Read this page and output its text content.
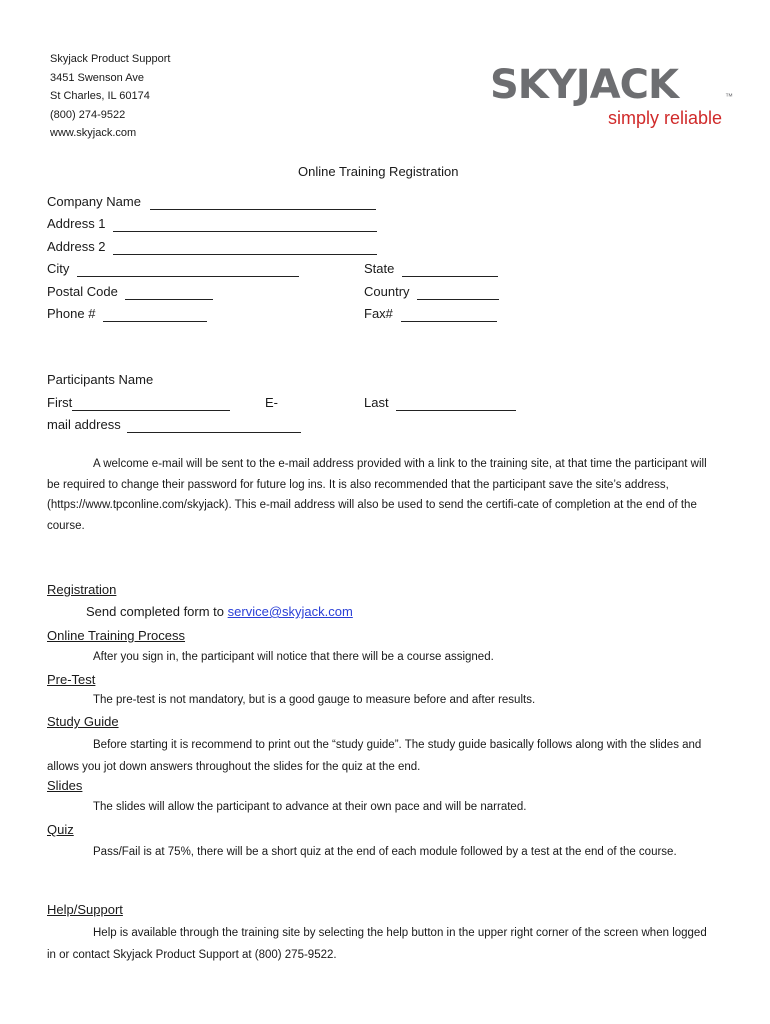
Skyjack Product Support
3451 Swenson Ave
St Charles, IL 60174
(800) 274-9522
www.skyjack.com
SKYJACK	™
simply reliable
Online Training Registration
Company Name
Address 1
Address 2
City	State
Postal Code	Country
Phone #	Fax#
Participants Name
First	E-	Last
mail address
A welcome e-mail will be sent to the e-mail address provided with a link to the training site, at that time the participant will be required to change their password for future log ins. It is also recommended that the participant save the site’s address, (https://www.tpconline.com/skyjack). This e-mail address will also be used to send the certifi-cate of completion at the end of the course.
Registration
Send completed form to service@skyjack.com
Online Training Process
After you sign in, the participant will notice that there will be a course assigned.
Pre-Test
The pre-test is not mandatory, but is a good gauge to measure before and after results.
Study Guide
Before starting it is recommend to print out the “study guide”. The study guide basically follows along with the slides and allows you jot down answers throughout the slides for the quiz at the end.
Slides
The slides will allow the participant to advance at their own pace and will be narrated.
Quiz
Pass/Fail is at 75%, there will be a short quiz at the end of each module followed by a test at the end of the course.
Help/Support
Help is available through the training site by selecting the help button in the upper right corner of the screen when logged in or contact Skyjack Product Support at (800) 275-9522.
